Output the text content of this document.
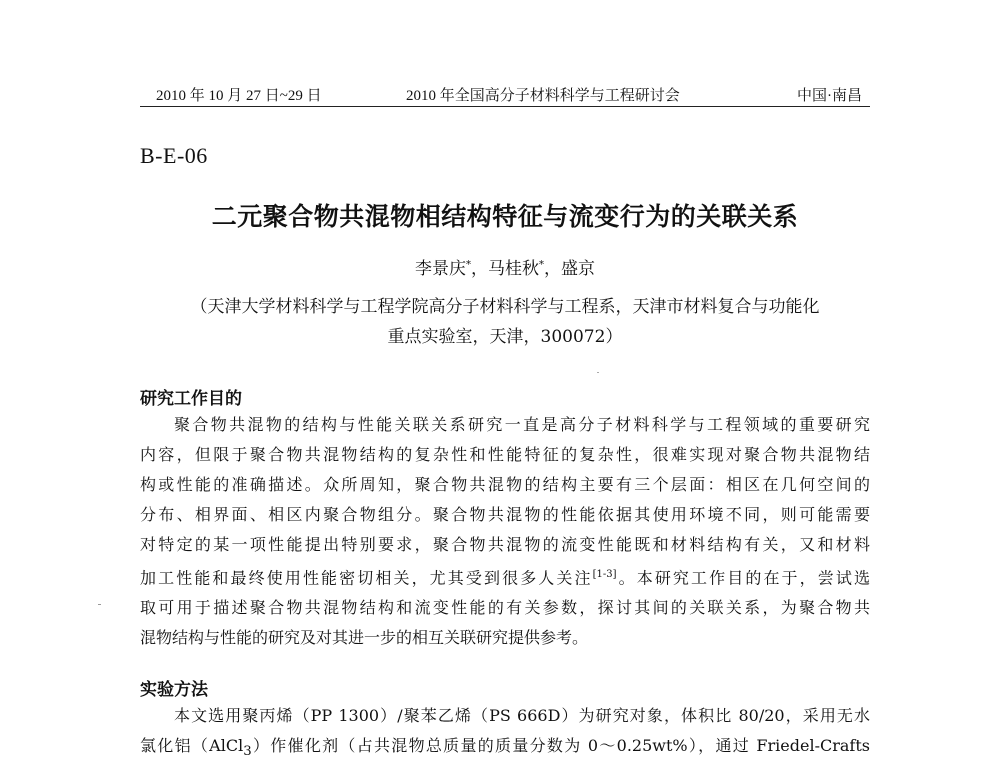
2010 年 10 月 27 日~29 日	2010 年全国高分子材料科学与工程研讨会	中国·南昌
B-E-06
二元聚合物共混物相结构特征与流变行为的关联关系
李景庆*，马桂秋*，盛京
（天津大学材料科学与工程学院高分子材料科学与工程系，天津市材料复合与功能化
重点实验室，天津，300072）
研究工作目的
聚合物共混物的结构与性能关联关系研究一直是高分子材料科学与工程领域的重要研究
内容，但限于聚合物共混物结构的复杂性和性能特征的复杂性，很难实现对聚合物共混物结
构或性能的准确描述。众所周知，聚合物共混物的结构主要有三个层面：相区在几何空间的
分布、相界面、相区内聚合物组分。聚合物共混物的性能依据其使用环境不同，则可能需要
对特定的某一项性能提出特别要求，聚合物共混物的流变性能既和材料结构有关，又和材料
加工性能和最终使用性能密切相关，尤其受到很多人关注[1-3]。本研究工作目的在于，尝试选
取可用于描述聚合物共混物结构和流变性能的有关参数，探讨其间的关联关系，为聚合物共
混物结构与性能的研究及对其进一步的相互关联研究提供参考。
实验方法
本文选用聚丙烯（PP 1300）/聚苯乙烯（PS 666D）为研究对象，体积比 80/20，采用无水
氯化铝（AlCl$_3$）作催化剂（占共混物总质量的质量分数为 0～0.25wt%），通过 Friedel-Crafts
